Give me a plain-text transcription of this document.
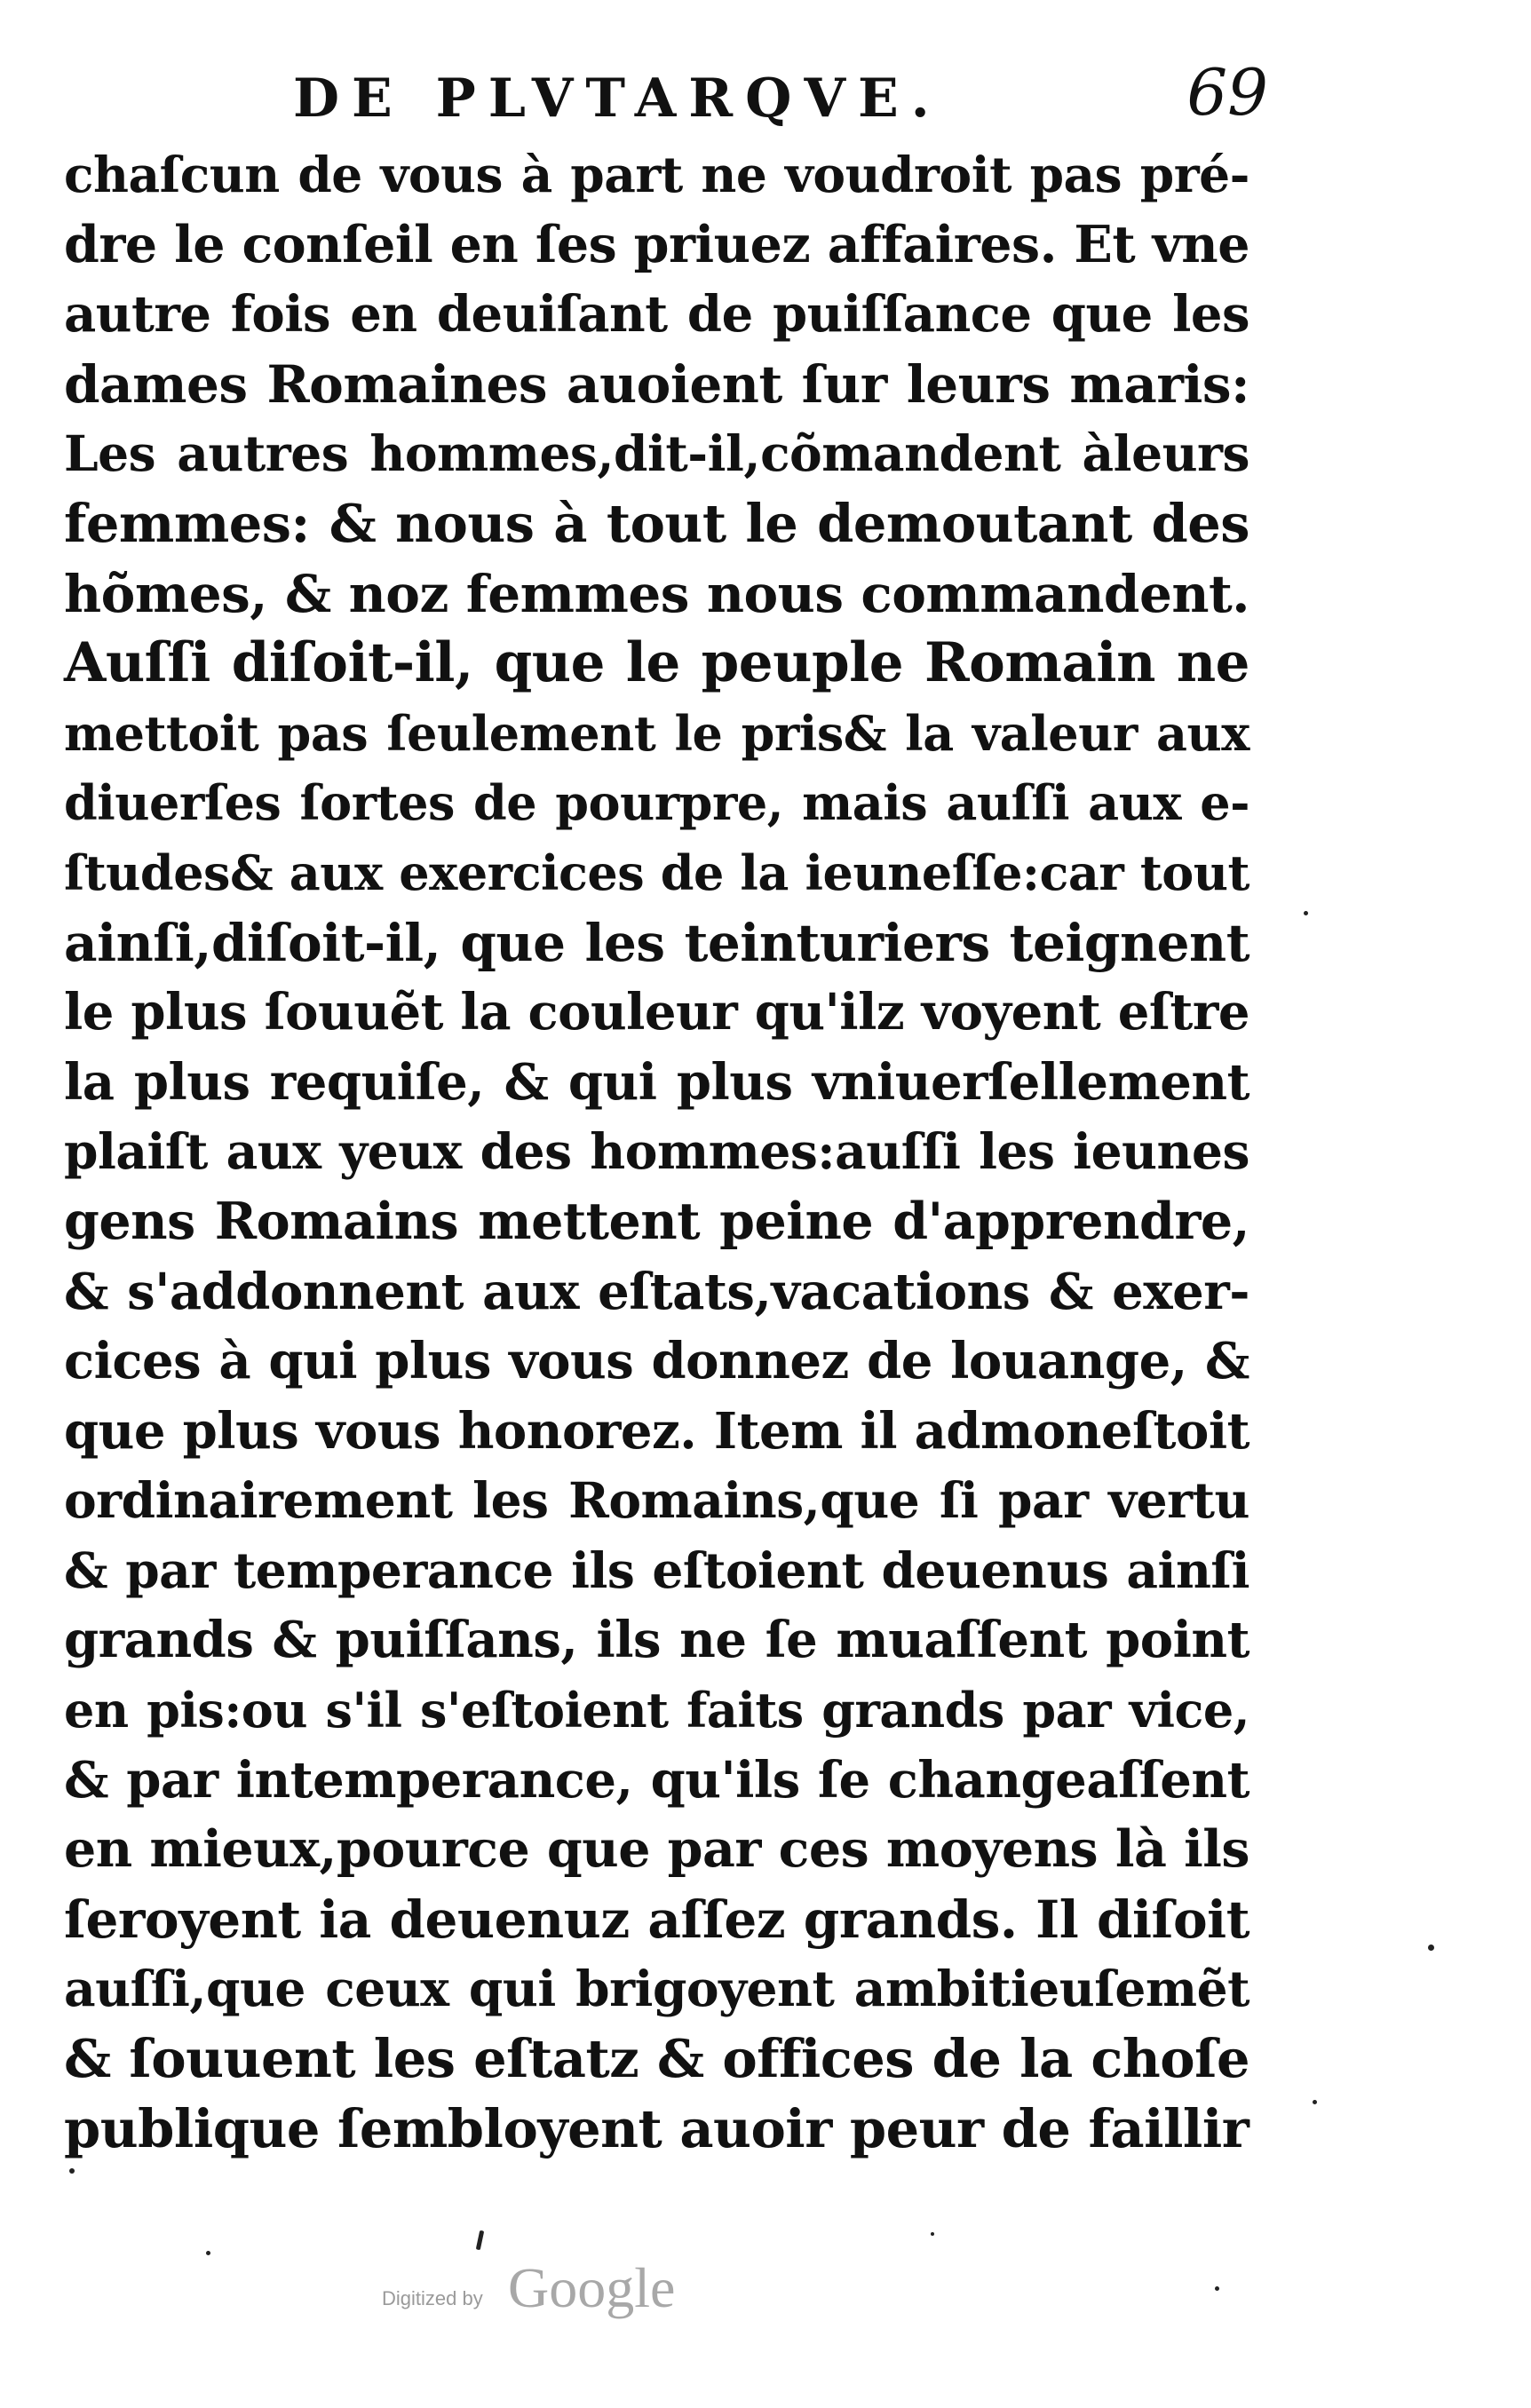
DE PLVTARQVE.	69
chaſcun de vous à part ne voudroit pas pré-
dre le conſeil en ſes priuez affaires. Et vne
autre fois en deuiſant de puiſſance que les
dames Romaines auoient ſur leurs maris:
Les autres hommes,dit-il,cõmandent àleurs
femmes: & nous à tout le demoutant des
hõmes, & noz femmes nous commandent.
Auſſi diſoit-il, que le peuple Romain ne
mettoit pas ſeulement le pris& la valeur aux
diuerſes ſortes de pourpre, mais auſſi aux e-
ſtudes& aux exercices de la ieuneſſe:car tout
ainſi,diſoit-il, que les teinturiers teignent
le plus ſouuẽt la couleur qu'ilz voyent eſtre
la plus requiſe, & qui plus vniuerſellement
plaiſt aux yeux des hommes:auſſi les ieunes
gens Romains mettent peine d'apprendre,
& s'addonnent aux eſtats,vacations & exer-
cices à qui plus vous donnez de louange, &
que plus vous honorez. Item il admoneſtoit
ordinairement les Romains,que ſi par vertu
& par temperance ils eſtoient deuenus ainſi
grands & puiſſans, ils ne ſe muaſſent point
en pis:ou s'il s'eſtoient faits grands par vice,
& par intemperance, qu'ils ſe changeaſſent
en mieux,pource que par ces moyens là ils
ſeroyent ia deuenuz aſſez grands. Il diſoit
auſſi,que ceux qui brigoyent ambitieuſemẽt
& ſouuent les eſtatz & offices de la choſe
publique ſembloyent auoir peur de faillir
Digitized by Google
